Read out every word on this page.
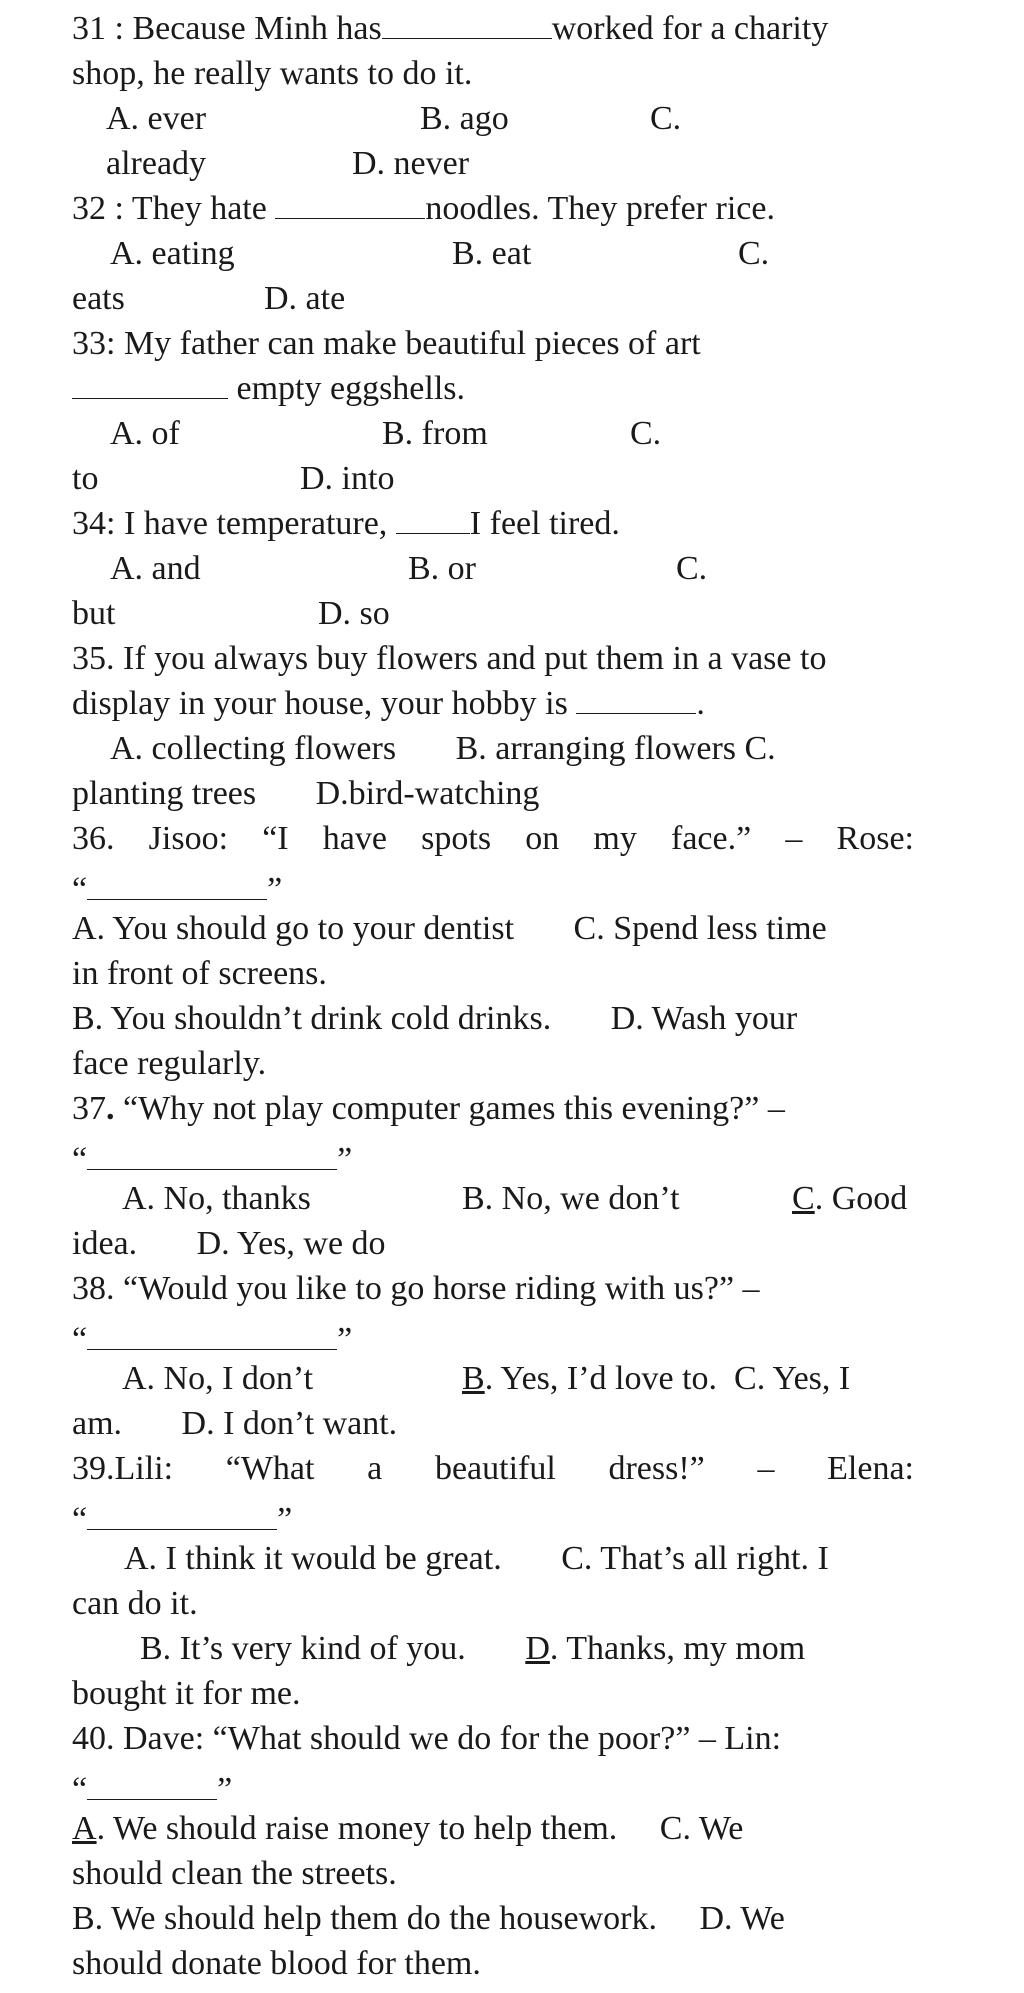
31 : Because Minh has	worked for a charity
shop, he really wants to do it.

A. ever

	B. ago

	C.

already

	D. never

32 : They hate	noodles. They prefer rice.

A. eating

	B. eat

	C.

eats

	D. ate

33: My father can make beautiful pieces of art
empty eggshells.

A. of

	B. from

	C.

to

	D. into

34: I have temperature, I feel tired.

A. and

	B. or

	C.

but

	D. so

35. If you always buy flowers and put them in a vase to
display in your house, your hobby is	.
A. collecting flowers       B. arranging flowers C.
planting trees       D.bird-watching
36. Jisoo: “I have spots on my face.” – Rose:
“	”
A. You should go to your dentist       C. Spend less time
in front of screens.
B. You shouldn’t drink cold drinks.       D. Wash your
face regularly.
37. “Why not play computer games this evening?” –
“	”

A. No, thanks

	B. No, we don’t

	C. Good

idea.       D. Yes, we do
38. “Would you like to go horse riding with us?” –
“	”

A. No, I don’t

	B. Yes, I’d love to.  C. Yes, I

am.       D. I don’t want.
39.Lili: “What a beautiful dress!” – Elena:
“	”
A. I think it would be great.       C. That’s all right. I
can do it.
B. It’s very kind of you.       D. Thanks, my mom
bought it for me.
40. Dave: “What should we do for the poor?” – Lin:
“	”
A. We should raise money to help them.     C. We
should clean the streets.
B. We should help them do the housework.     D. We
should donate blood for them.
